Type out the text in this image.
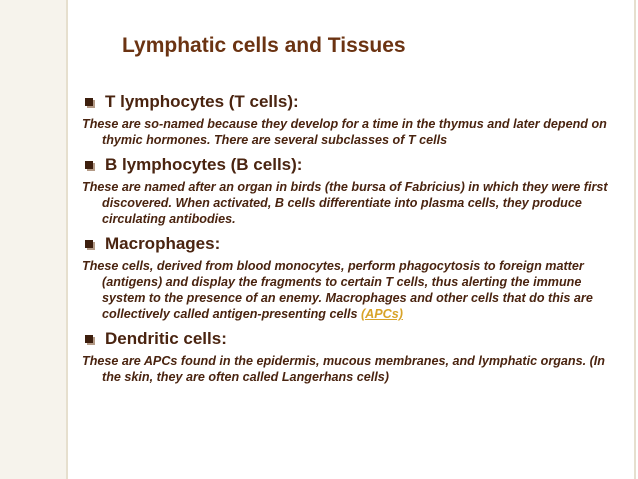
Lymphatic cells and Tissues
T lymphocytes (T cells):
These are so-named because they develop for a time in the thymus and later depend on thymic hormones. There are several subclasses of T cells
B lymphocytes (B cells):
These are named after an organ in birds (the bursa of Fabricius) in which they were first discovered. When activated, B cells differentiate into plasma cells, they produce circulating antibodies.
Macrophages:
These cells, derived from blood monocytes, perform phagocytosis to foreign matter (antigens) and display the fragments to certain T cells, thus alerting the immune system to the presence of an enemy. Macrophages and other cells that do this are collectively called antigen-presenting cells (APCs)
Dendritic cells:
These are APCs found in the epidermis, mucous membranes, and lymphatic organs. (In the skin, they are often called Langerhans cells)
